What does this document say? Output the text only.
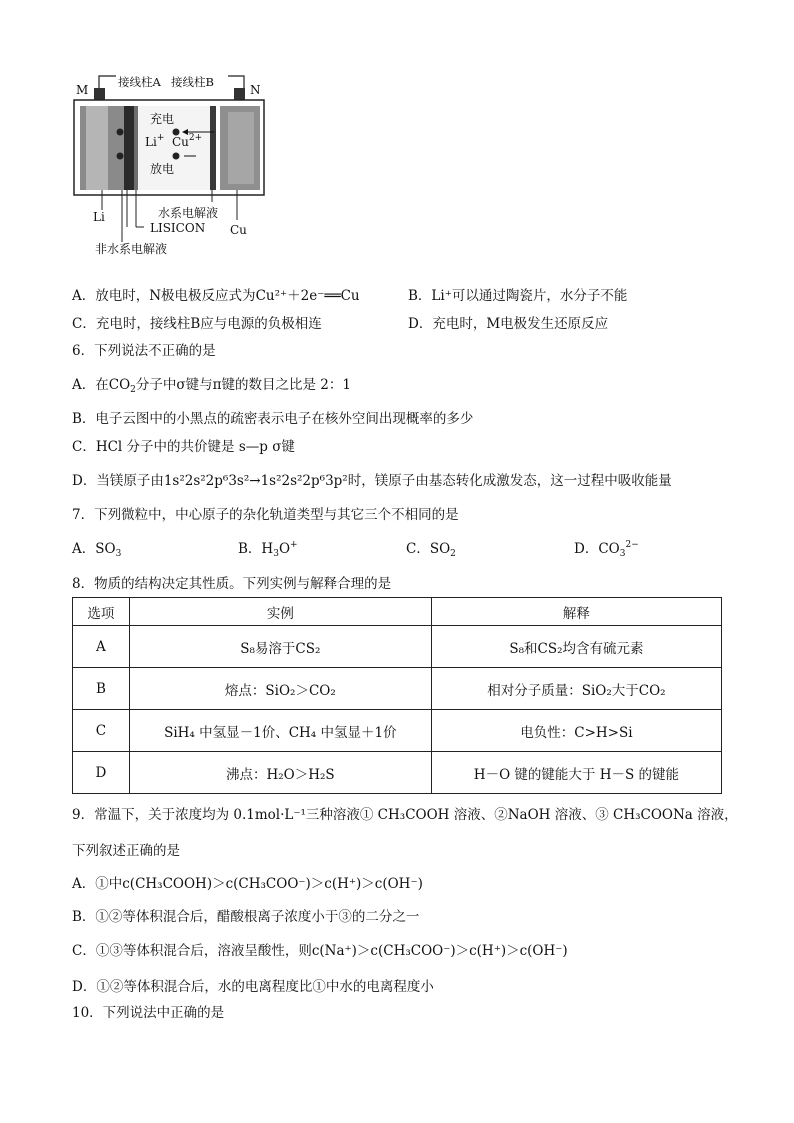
接线柱A 接线柱B
M	N
充电
Li+ $Cu^{2+}$
放电
Li	水系电解液
LISICON Cu
非水系电解液
A．放电时，N极电极反应式为Cu²⁺＋2e⁻══Cu	B．Li⁺可以通过陶瓷片，水分子不能
C．充电时，接线柱B应与电源的负极相连	D．充电时，M电极发生还原反应
6．下列说法不正确的是
A．在$CO_2$分子中σ键与π键的数目之比是 2：1
B．电子云图中的小黑点的疏密表示电子在核外空间出现概率的多少
C．HCl 分子中的共价键是 s—p σ键
D．当镁原子由1s²2s²2p⁶3s²→1s²2s²2p⁶3p²时，镁原子由基态转化成激发态，这一过程中吸收能量
7．下列微粒中，中心原子的杂化轨道类型与其它三个不相同的是
A．$SO_3$	B．$H_3O^+$	C．$SO_2$	D．$CO_3^{2-}$
8．物质的结构决定其性质。下列实例与解释合理的是
选项	实例	解释
A	S₈易溶于CS₂	S₈和CS₂均含有硫元素
B	熔点：SiO₂＞CO₂	相对分子质量：SiO₂大于CO₂
C	SiH₄ 中氢显－1价、CH₄ 中氢显＋1价	电负性：C>H>Si
D	沸点：H₂O＞H₂S	H－O 键的键能大于 H－S 的键能
9．常温下，关于浓度均为 0.1mol·L⁻¹三种溶液① CH₃COOH 溶液、②NaOH 溶液、③ CH₃COONa 溶液，
下列叙述正确的是
A．①中c(CH₃COOH)＞c(CH₃COO⁻)＞c(H⁺)＞c(OH⁻)
B．①②等体积混合后，醋酸根离子浓度小于③的二分之一
C．①③等体积混合后，溶液呈酸性，则c(Na⁺)＞c(CH₃COO⁻)＞c(H⁺)＞c(OH⁻)
D．①②等体积混合后，水的电离程度比①中水的电离程度小
10．下列说法中正确的是
